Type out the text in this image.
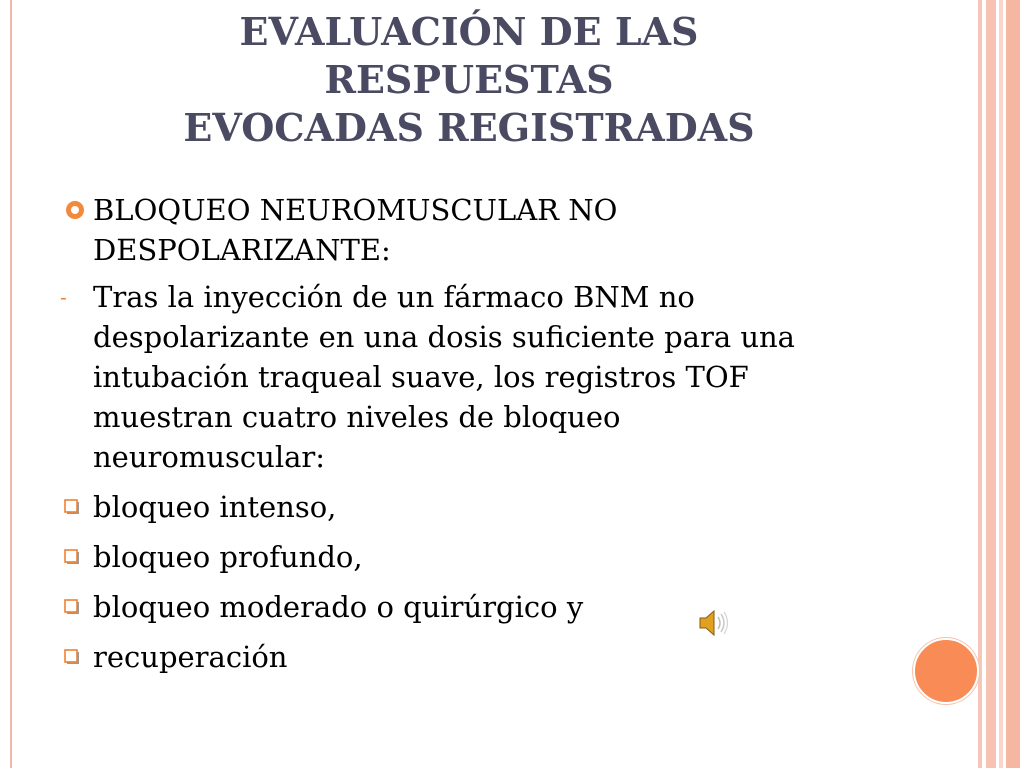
EVALUACIÓN DE LAS
RESPUESTAS
EVOCADAS REGISTRADAS
BLOQUEO NEUROMUSCULAR NO
DESPOLARIZANTE:
- Tras la inyección de un fármaco BNM no
despolarizante en una dosis suficiente para una
intubación traqueal suave, los registros TOF
muestran cuatro niveles de bloqueo
neuromuscular:
bloqueo intenso,
bloqueo profundo,
bloqueo moderado o quirúrgico y
recuperación
